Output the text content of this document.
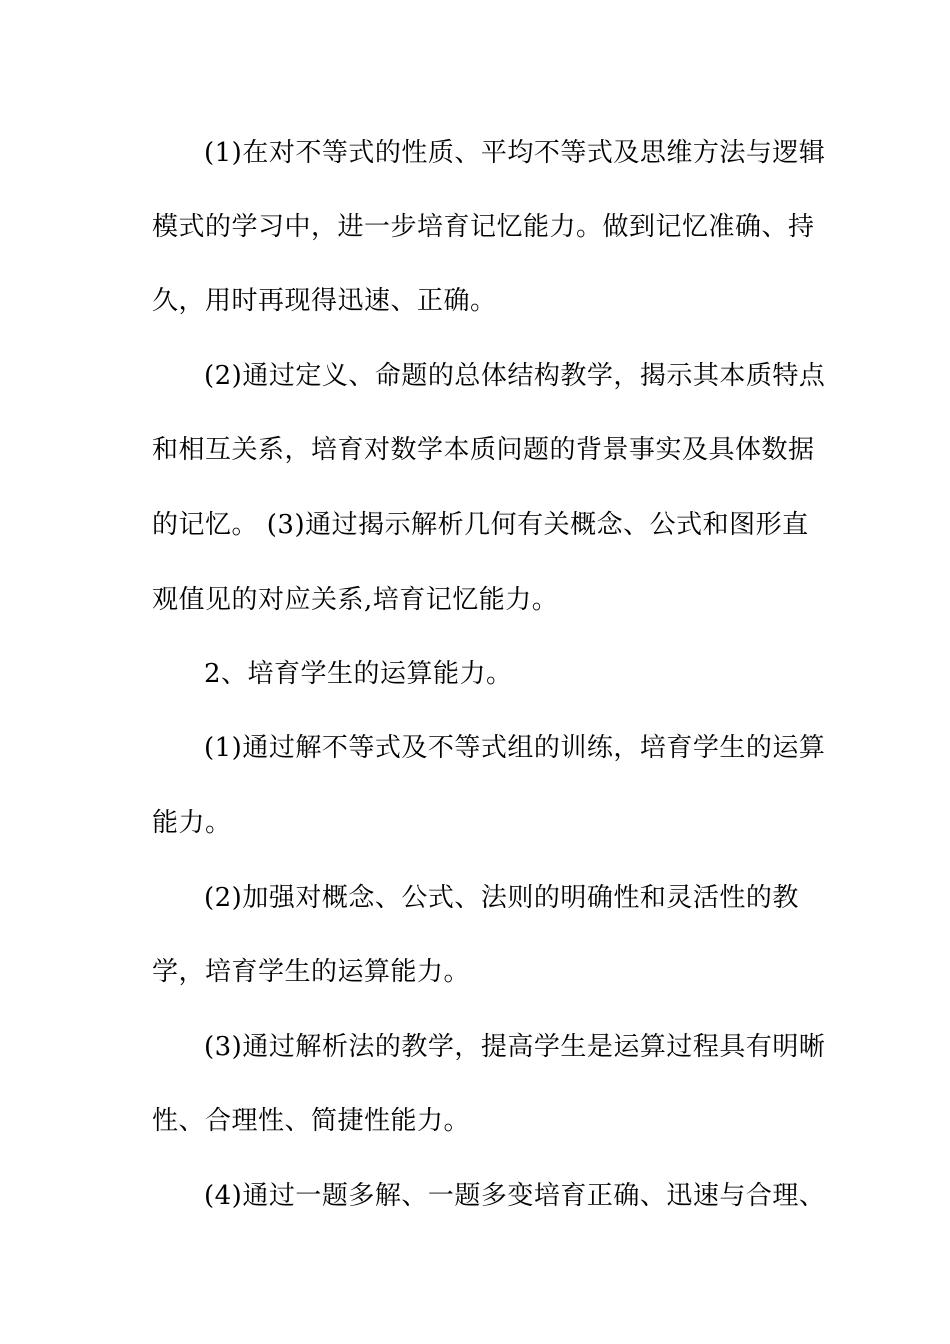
(1)在对不等式的性质、平均不等式及思维方法与逻辑
模式的学习中，进一步培育记忆能力。做到记忆准确、持
久，用时再现得迅速、正确。
(2)通过定义、命题的总体结构教学，揭示其本质特点
和相互关系，培育对数学本质问题的背景事实及具体数据
的记忆。 (3)通过揭示解析几何有关概念、公式和图形直
观值见的对应关系,培育记忆能力。
2、培育学生的运算能力。
(1)通过解不等式及不等式组的训练，培育学生的运算
能力。
(2)加强对概念、公式、法则的明确性和灵活性的教
学，培育学生的运算能力。
(3)通过解析法的教学，提高学生是运算过程具有明晰
性、合理性、简捷性能力。
(4)通过一题多解、一题多变培育正确、迅速与合理、
